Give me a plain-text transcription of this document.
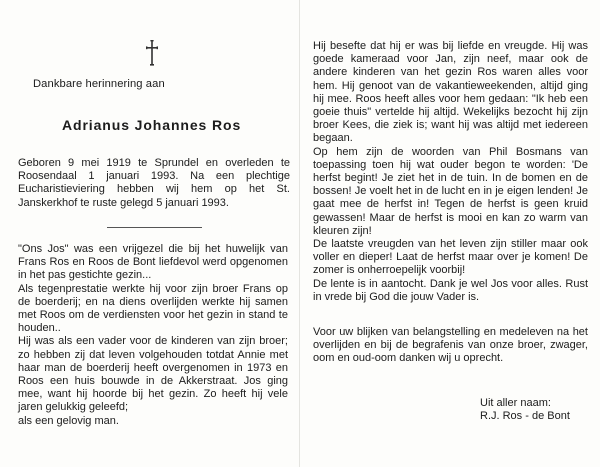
Dankbare herinnering aan
Adrianus Johannes Ros

Geboren 9 mei 1919 te Sprundel en overleden te Roosendaal 1 januari 1993. Na een plechtige Eucharistieviering hebben wij hem op het St. Janskerkhof te ruste gelegd 5 januari 1993.

"Ons Jos" was een vrijgezel die bij het huwelijk van Frans Ros en Roos de Bont liefdevol werd opgenomen in het pas gestichte gezin...

Als tegenprestatie werkte hij voor zijn broer Frans op de boerderij; en na diens overlijden werkte hij samen met Roos om de verdiensten voor het gezin in stand te houden..

Hij was als een vader voor de kinderen van zijn broer; zo hebben zij dat leven volgehouden totdat Annie met haar man de boerderij heeft overgenomen in 1973 en Roos een huis bouwde in de Akkerstraat. Jos ging mee, want hij hoorde bij het gezin. Zo heeft hij vele jaren gelukkig geleefd;

als een gelovig man.

Hij besefte dat hij er was bij liefde en vreugde. Hij was goede kameraad voor Jan, zijn neef, maar ook de andere kinderen van het gezin Ros waren alles voor hem. Hij genoot van de vakantieweekenden, altijd ging hij mee. Roos heeft alles voor hem gedaan: "Ik heb een goeie thuis" vertelde hij altijd. Wekelijks bezocht hij zijn broer Kees, die ziek is; want hij was altijd met iedereen begaan.

Op hem zijn de woorden van Phil Bosmans van toepassing toen hij wat ouder begon te worden: 'De herfst begint! Je ziet het in de tuin. In de bomen en de bossen! Je voelt het in de lucht en in je eigen lenden! Je gaat mee de herfst in! Tegen de herfst is geen kruid gewassen! Maar de herfst is mooi en kan zo warm van kleuren zijn!

De laatste vreugden van het leven zijn stiller maar ook voller en dieper! Laat de herfst maar over je komen! De zomer is onherroepelijk voorbij!

De lente is in aantocht. Dank je wel Jos voor alles. Rust in vrede bij God die jouw Vader is.

Voor uw blijken van belangstelling en medeleven na het overlijden en bij de begrafenis van onze broer, zwager, oom en oud-oom danken wij u oprecht.

Uit aller naam:
R.J. Ros - de Bont
